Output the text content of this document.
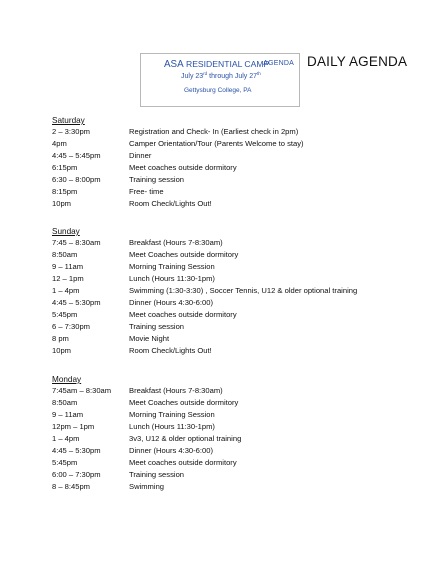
ASA RESIDENTIAL CAMP
AGENDA
July 23rd through July 27th
Gettysburg College, PA
DAILY AGENDA
Saturday
2 – 3:30pm	Registration and Check- In (Earliest check in 2pm)
4pm	Camper Orientation/Tour (Parents Welcome to stay)
4:45 – 5:45pm	Dinner
6:15pm	Meet coaches outside dormitory
6:30 – 8:00pm	Training session
8:15pm	Free- time
10pm	Room Check/Lights Out!
Sunday
7:45 – 8:30am	Breakfast (Hours 7-8:30am)
8:50am	Meet Coaches outside dormitory
9 – 11am	Morning Training Session
12 – 1pm	Lunch (Hours 11:30-1pm)
1 – 4pm	Swimming (1:30-3:30) , Soccer Tennis, U12 & older optional training
4:45 – 5:30pm	Dinner (Hours 4:30-6:00)
5:45pm	Meet coaches outside dormitory
6 – 7:30pm	Training session
8 pm	Movie Night
10pm	Room Check/Lights Out!
Monday
7:45am – 8:30am Breakfast (Hours 7-8:30am)
8:50am	Meet Coaches outside dormitory
9 – 11am	Morning Training Session
12pm – 1pm	Lunch (Hours 11:30-1pm)
1 – 4pm	3v3, U12 & older optional training
4:45 – 5:30pm	Dinner (Hours 4:30-6:00)
5:45pm	Meet coaches outside dormitory
6:00 – 7:30pm	Training session
8 – 8:45pm	Swimming
